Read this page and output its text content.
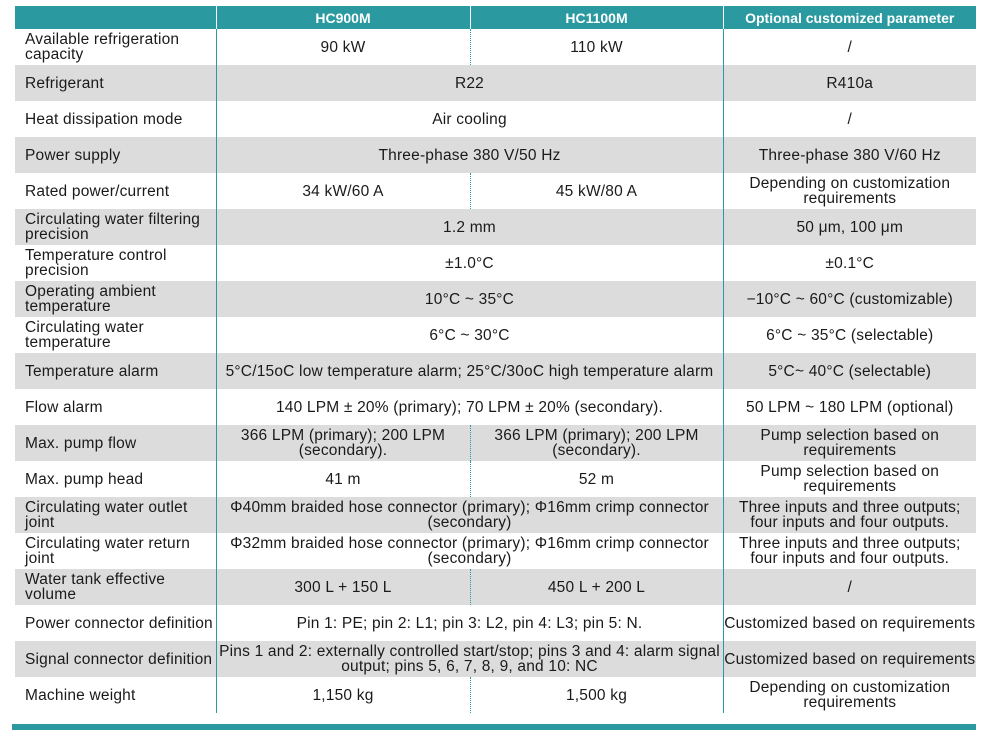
	HC900M	HC1100M	Optional customized parameter
Available refrigeration capacity	90 kW	110 kW	/
Refrigerant	R22		R410a
Heat dissipation mode	Air cooling		/
Power supply	Three-phase 380 V/50 Hz		Three-phase 380 V/60 Hz
Rated power/current	34 kW/60 A	45 kW/80 A	Depending on customization requirements
Circulating water filtering precision	1.2 mm		50 μm, 100 μm
Temperature control precision	±1.0°C		±0.1°C
Operating ambient temperature	10°C ~ 35°C		−10°C ~ 60°C (customizable)
Circulating water temperature	6°C ~ 30°C		6°C ~ 35°C (selectable)
Temperature alarm	5°C/15oC low temperature alarm; 25°C/30oC high temperature alarm		5°C~ 40°C (selectable)
Flow alarm	140 LPM ± 20% (primary); 70 LPM ± 20% (secondary).		50 LPM ~ 180 LPM (optional)
Max. pump flow	366 LPM (primary); 200 LPM (secondary).	366 LPM (primary); 200 LPM (secondary).	Pump selection based on requirements
Max. pump head	41 m	52 m	Pump selection based on requirements
Circulating water outlet joint	Φ40mm braided hose connector (primary); Φ16mm crimp connector (secondary)		Three inputs and three outputs; four inputs and four outputs.
Circulating water return joint	Φ32mm braided hose connector (primary); Φ16mm crimp connector (secondary)		Three inputs and three outputs; four inputs and four outputs.
Water tank effective volume	300 L + 150 L	450 L + 200 L	/
Power connector definition	Pin 1: PE; pin 2: L1; pin 3: L2, pin 4: L3; pin 5: N.		Customized based on requirements
Signal connector definition	Pins 1 and 2: externally controlled start/stop; pins 3 and 4: alarm signal output; pins 5, 6, 7, 8, 9, and 10: NC		Customized based on requirements
Machine weight	1,150 kg	1,500 kg	Depending on customization requirements
